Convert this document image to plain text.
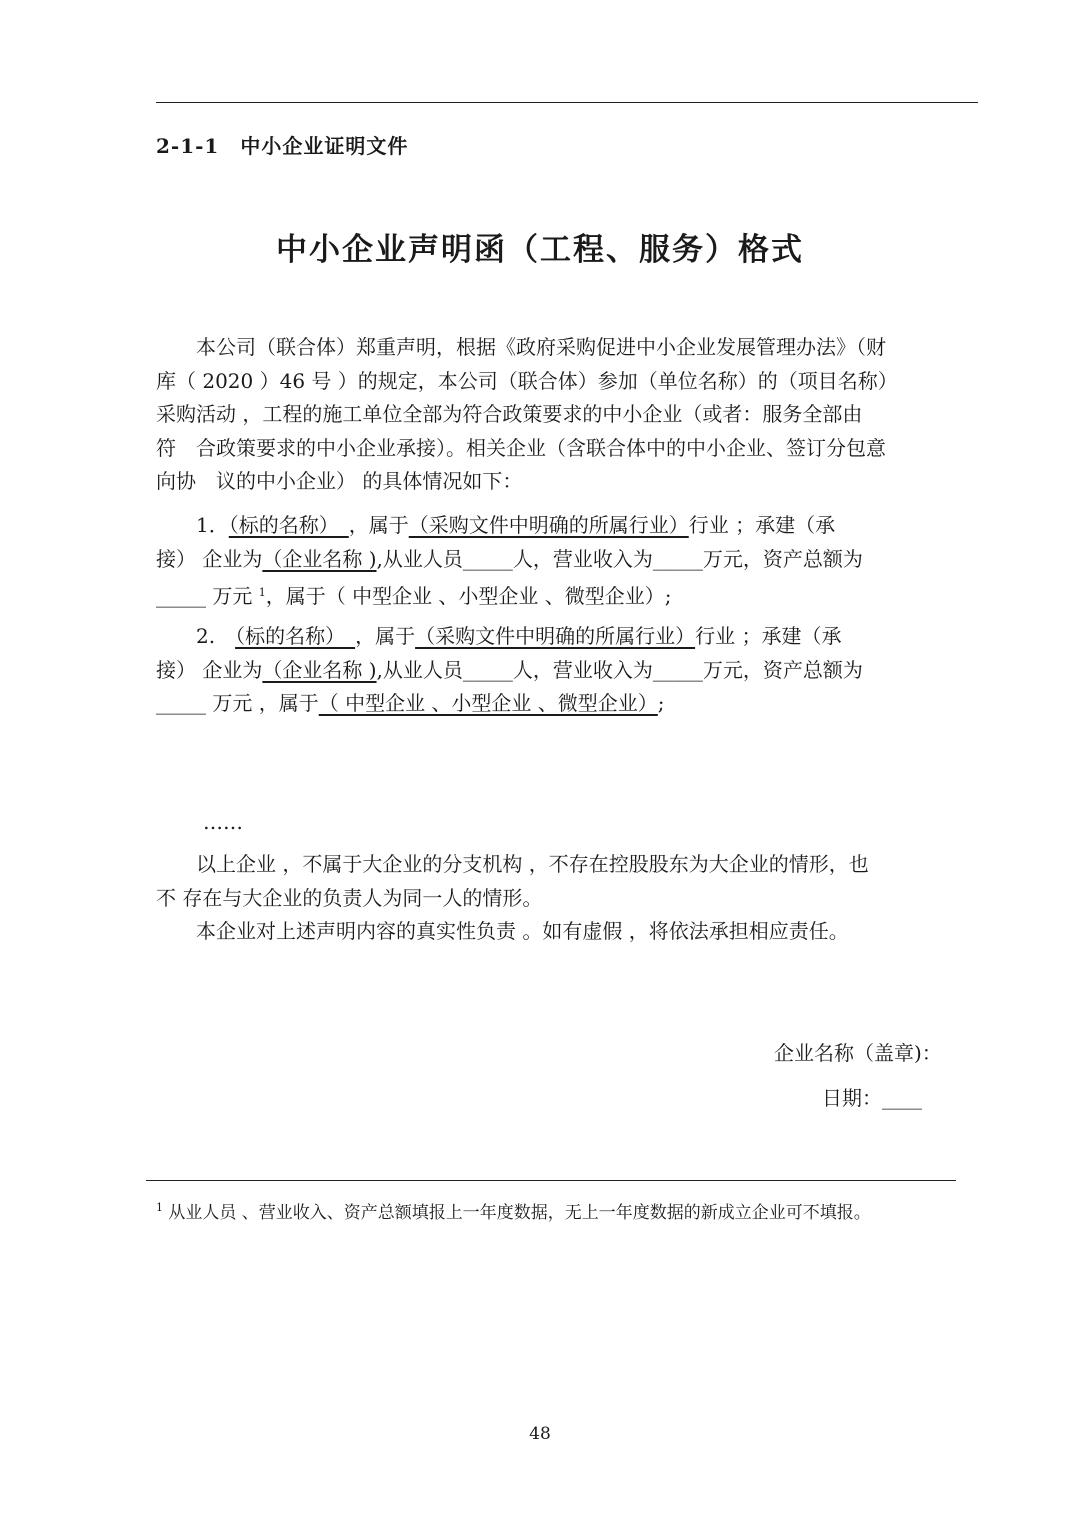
2-1-1　中小企业证明文件
中小企业声明函（工程、服务）格式
　　本公司（联合体）郑重声明，根据《政府采购促进中小企业发展管理办法》（财
库（ 2020 ）46 号 ）的规定，本公司（联合体）参加（单位名称）的（项目名称）
采购活动 ，工程的施工单位全部为符合政策要求的中小企业（或者：服务全部由
符　合政策要求的中小企业承接）。相关企业（含联合体中的中小企业、签订分包意
向协　议的中小企业） 的具体情况如下：
　　1．（标的名称）　，属于（采购文件中明确的所属行业）行业 ；承建（承
接） 企业为（企业名称 ),从业人员_____人，营业收入为_____万元，资产总额为
_____ 万元 $^1$，属于（ 中型企业 、小型企业 、微型企业）;
　　2.　（标的名称）　，属于（采购文件中明确的所属行业）行业 ；承建（承
接） 企业为（企业名称 ),从业人员_____人，营业收入为_____万元，资产总额为
_____ 万元 ，属于（ 中型企业 、小型企业 、微型企业）;
……
　　以上企业 ，不属于大企业的分支机构 ，不存在控股股东为大企业的情形，也
不 存在与大企业的负责人为同一人的情形。
　　本企业对上述声明内容的真实性负责 。如有虚假 ，将依法承担相应责任。
企业名称（盖章)：
日期：____
$^1$ 从业人员 、营业收入、资产总额填报上一年度数据，无上一年度数据的新成立企业可不填报。
48
